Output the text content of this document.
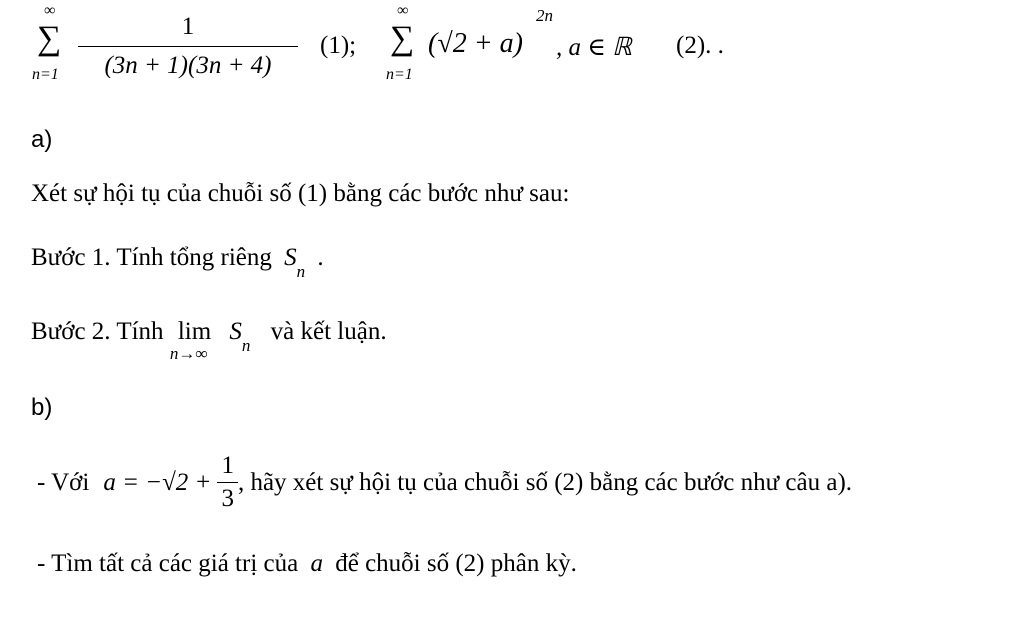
∞
∑
n=1
1
(3n + 1)(3n + 4)
(1);
∞
∑
n=1
(√2 + a)
2n
, a ∈ ℝ (2). .
a)
Xét sự hội tụ của chuỗi số (1) bằng các bước như sau:
Bước 1. Tính tổng riêng $S_n$ .
Bước 2. Tính lim
n→∞
$S_n$ và kết luận.
b)
- Với $a = -√2 + \frac{1}{3}$ , hãy xét sự hội tụ của chuỗi số (2) bằng các bước như câu a).
- Tìm tất cả các giá trị của a để chuỗi số (2) phân kỳ.
